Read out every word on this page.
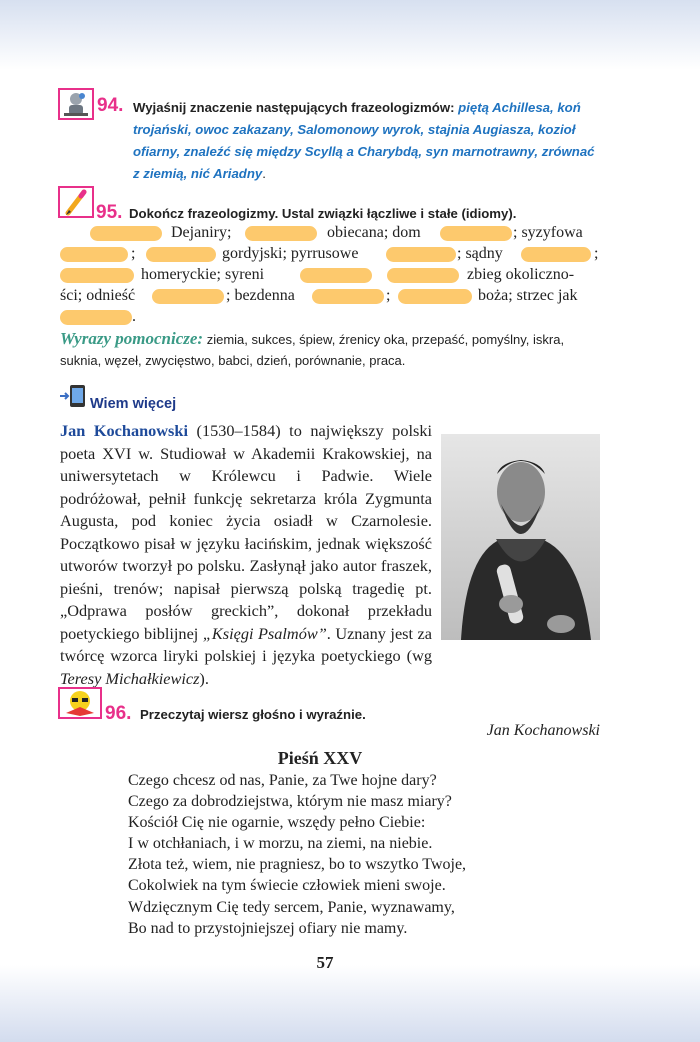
94. Wyjaśnij znaczenie następujących frazeologizmów: piętą Achillesa, koń trojański, owoc zakazany, Salomonowy wyrok, stajnia Augiasza, kozioł ofiarny, znaleźć się między Scyllą a Charybdą, syn marnotrawny, zrównać z ziemią, nić Ariadny.
95. Dokończ frazeologizmy. Ustal związki łączliwe i stałe (idiomy).
Dejaniry;	obiecana; dom	; syzyfowa
;	gordyjski; pyrrusowe	; sądny	;
homeryckie; syreni	zbieg okoliczno-
ści; odnieść	; bezdenna	;	boża; strzec jak
.
Wyrazy pomocnicze: ziemia, sukces, śpiew, źrenicy oka, przepaść, pomyślny, iskra, suknia, węzeł, zwycięstwo, babci, dzień, porównanie, praca.
Wiem więcej
Jan Kochanowski (1530–1584) to największy polski poeta XVI w. Studiował w Akademii Krakowskiej, na uniwersytetach w Królewcu i Padwie. Wiele podróżował, pełnił funkcję sekretarza króla Zygmunta Augusta, pod koniec życia osiadł w Czarnolesie. Początkowo pisał w języku łacińskim, jednak większość utworów tworzył po polsku. Zasłynął jako autor fraszek, pieśni, trenów; napisał pierwszą polską tragedię pt. „Odprawa posłów greckich”, dokonał przekładu poetyckiego biblijnej „Księgi Psalmów”. Uznany jest za twórcę wzorca liryki polskiej i języka poetyckiego (wg Teresy Michałkiewicz).
96. Przeczytaj wiersz głośno i wyraźnie.
Jan Kochanowski
Pieśń XXV
Czego chcesz od nas, Panie, za Twe hojne dary?
Czego za dobrodziejstwa, którym nie masz miary?
Kościół Cię nie ogarnie, wszędy pełno Ciebie:
I w otchłaniach, i w morzu, na ziemi, na niebie.
Złota też, wiem, nie pragniesz, bo to wszytko Twoje,
Cokolwiek na tym świecie człowiek mieni swoje.
Wdzięcznym Cię tedy sercem, Panie, wyznawamy,
Bo nad to przystojniejszej ofiary nie mamy.
57
